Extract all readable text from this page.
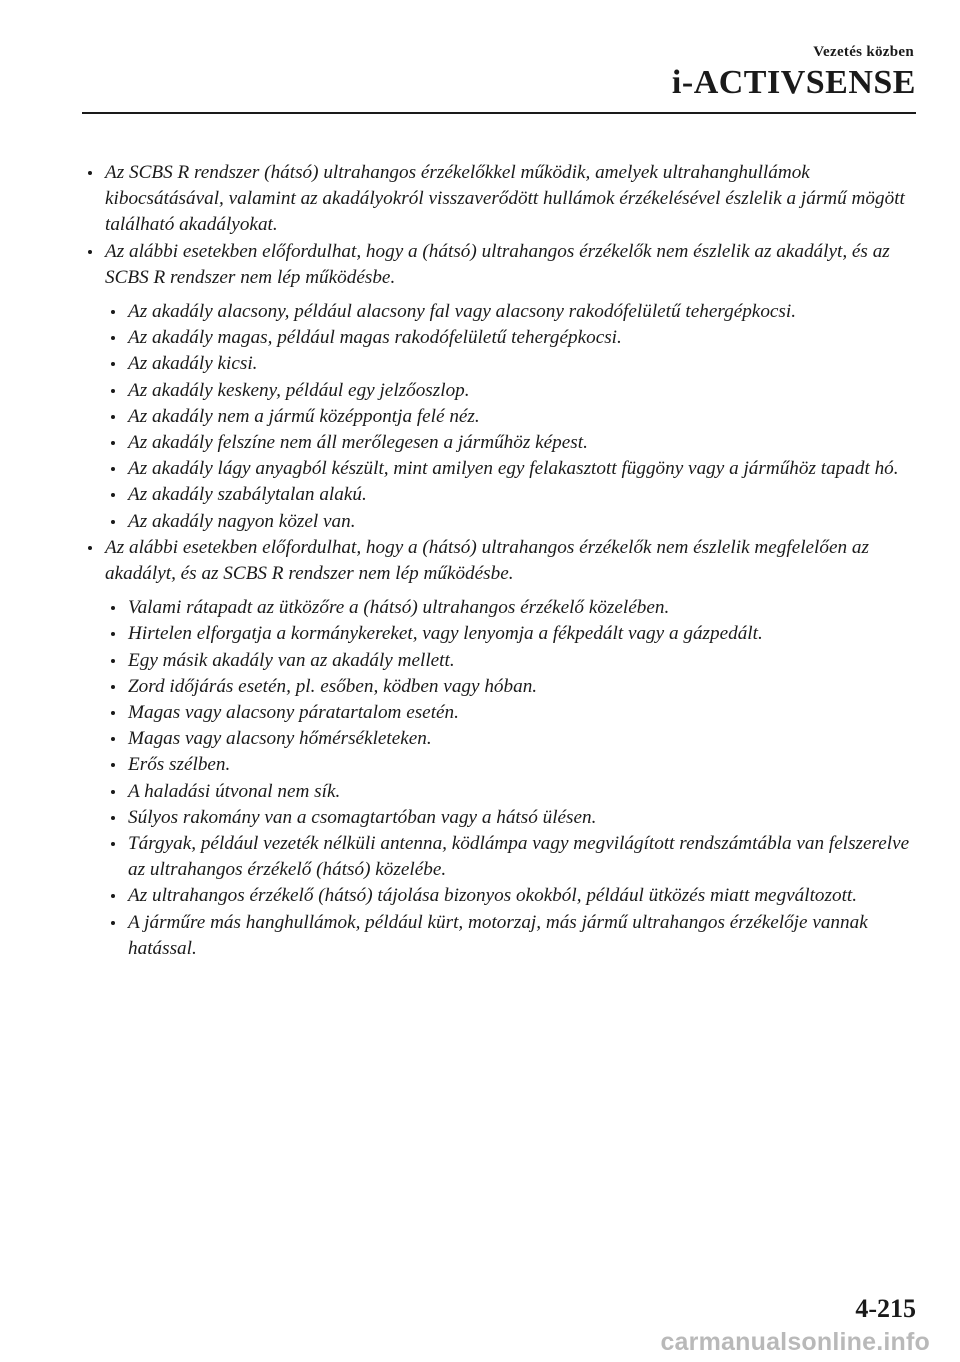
Vezetés közben
i-ACTIVSENSE
Az SCBS R rendszer (hátsó) ultrahangos érzékelőkkel működik, amelyek ultrahanghullámok kibocsátásával, valamint az akadályokról visszaverődött hullámok érzékelésével észlelik a jármű mögött található akadályokat.
Az alábbi esetekben előfordulhat, hogy a (hátsó) ultrahangos érzékelők nem észlelik az akadályt, és az SCBS R rendszer nem lép működésbe.
Az akadály alacsony, például alacsony fal vagy alacsony rakodófelületű tehergépkocsi.
Az akadály magas, például magas rakodófelületű tehergépkocsi.
Az akadály kicsi.
Az akadály keskeny, például egy jelzőoszlop.
Az akadály nem a jármű középpontja felé néz.
Az akadály felszíne nem áll merőlegesen a járműhöz képest.
Az akadály lágy anyagból készült, mint amilyen egy felakasztott függöny vagy a járműhöz tapadt hó.
Az akadály szabálytalan alakú.
Az akadály nagyon közel van.
Az alábbi esetekben előfordulhat, hogy a (hátsó) ultrahangos érzékelők nem észlelik megfelelően az akadályt, és az SCBS R rendszer nem lép működésbe.
Valami rátapadt az ütközőre a (hátsó) ultrahangos érzékelő közelében.
Hirtelen elforgatja a kormánykereket, vagy lenyomja a fékpedált vagy a gázpedált.
Egy másik akadály van az akadály mellett.
Zord időjárás esetén, pl. esőben, ködben vagy hóban.
Magas vagy alacsony páratartalom esetén.
Magas vagy alacsony hőmérsékleteken.
Erős szélben.
A haladási útvonal nem sík.
Súlyos rakomány van a csomagtartóban vagy a hátsó ülésen.
Tárgyak, például vezeték nélküli antenna, ködlámpa vagy megvilágított rendszámtábla van felszerelve az ultrahangos érzékelő (hátsó) közelébe.
Az ultrahangos érzékelő (hátsó) tájolása bizonyos okokból, például ütközés miatt megváltozott.
A járműre más hanghullámok, például kürt, motorzaj, más jármű ultrahangos érzékelője vannak hatással.
4-215
carmanualsonline.info
